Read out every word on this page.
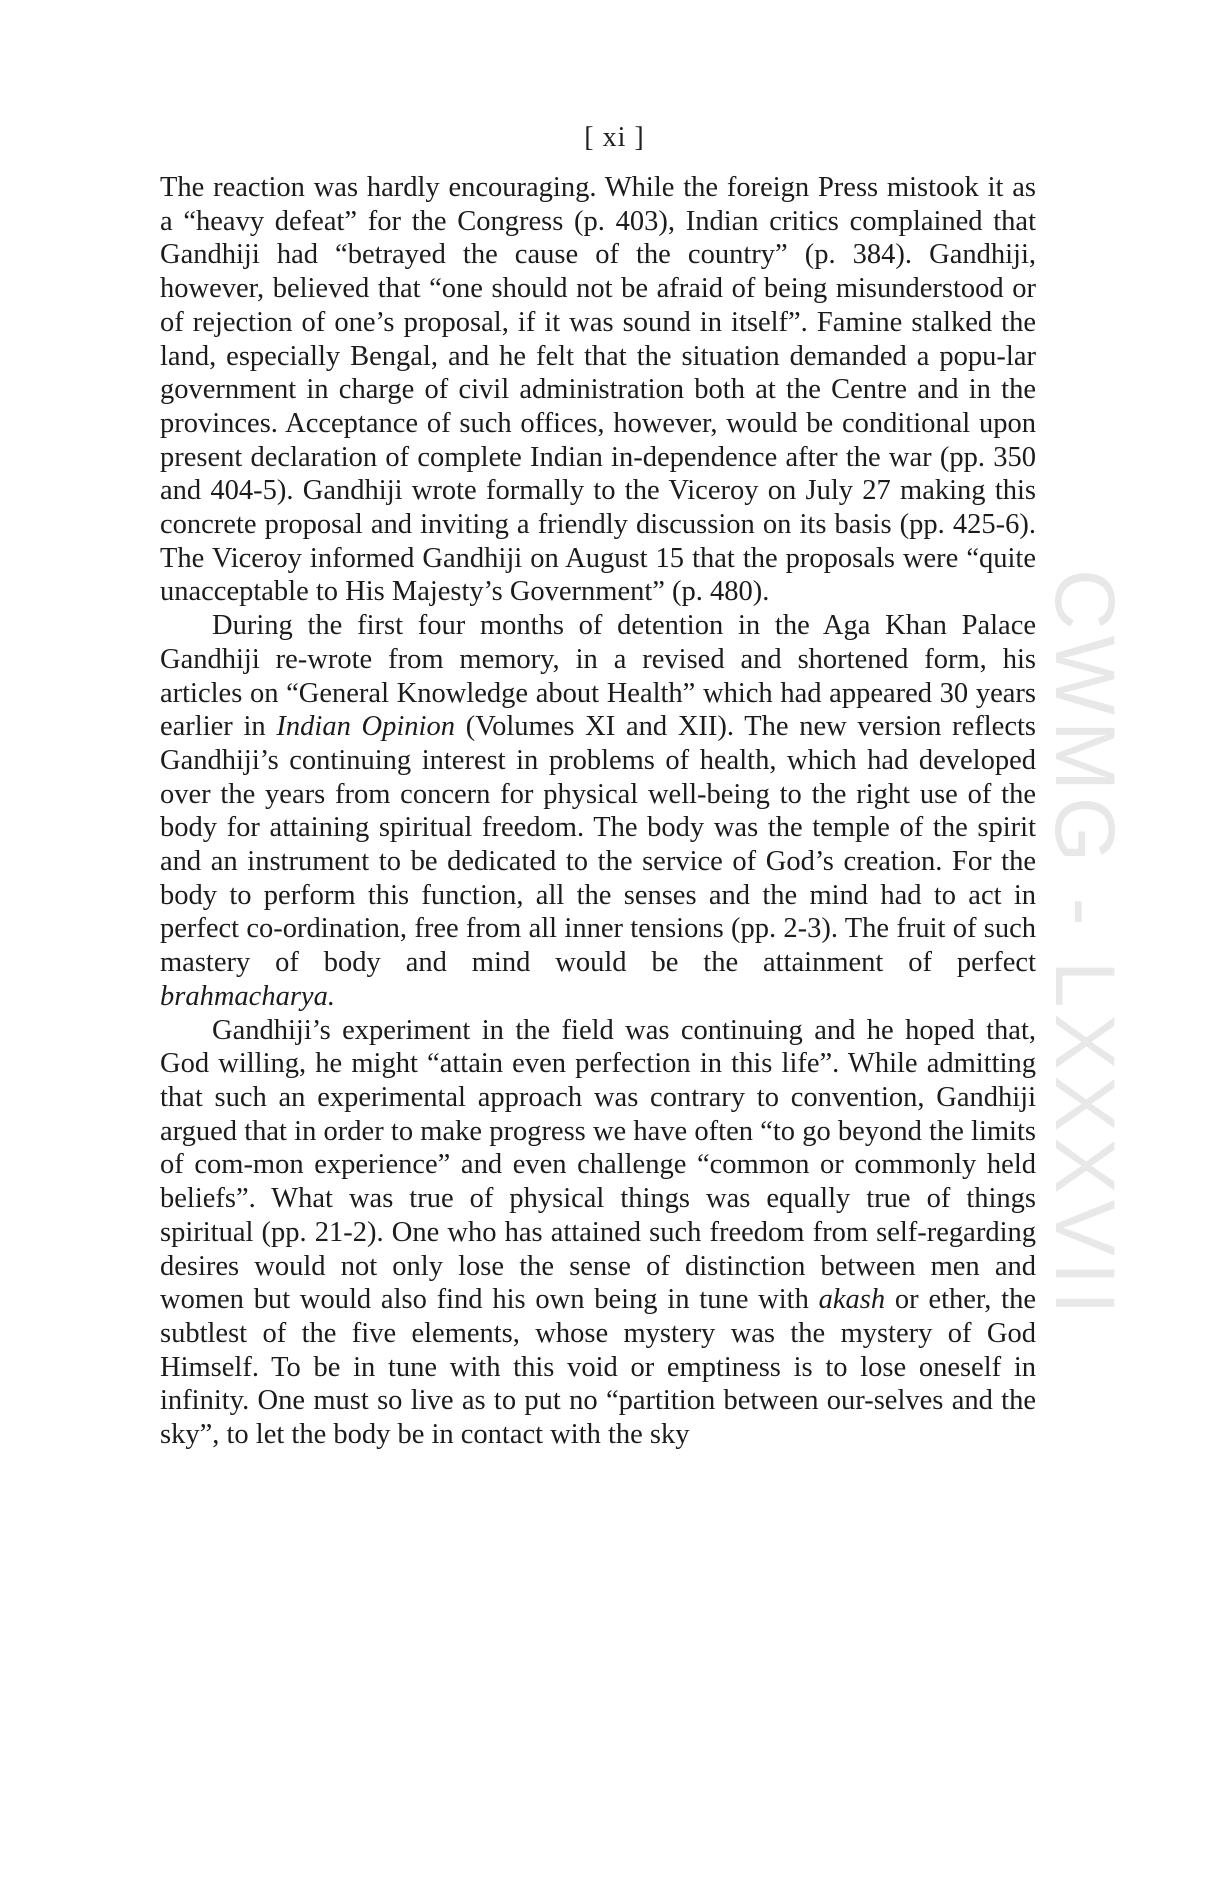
CWMG - LXXXVII
[ xi ]

The reaction was hardly encouraging. While the foreign Press mistook it as a “heavy defeat” for the Congress (p. 403), Indian critics complained that Gandhiji had “betrayed the cause of the country” (p. 384). Gandhiji, however, believed that “one should not be afraid of being misunderstood or of rejection of one’s proposal, if it was sound in itself”. Famine stalked the land, especially Bengal, and he felt that the situation demanded a popu-lar government in charge of civil administration both at the Centre and in the provinces. Acceptance of such offices, however, would be conditional upon present declaration of complete Indian in-dependence after the war (pp. 350 and 404-5). Gandhiji wrote formally to the Viceroy on July 27 making this concrete proposal and inviting a friendly discussion on its basis (pp. 425-6). The Viceroy informed Gandhiji on August 15 that the proposals were “quite unacceptable to His Majesty’s Government” (p. 480).

During the first four months of detention in the Aga Khan Palace Gandhiji re-wrote from memory, in a revised and shortened form, his articles on “General Knowledge about Health” which had appeared 30 years earlier in Indian Opinion (Volumes XI and XII). The new version reflects Gandhiji’s continuing interest in problems of health, which had developed over the years from concern for physical well-being to the right use of the body for attaining spiritual freedom. The body was the temple of the spirit and an instrument to be dedicated to the service of God’s creation. For the body to perform this function, all the senses and the mind had to act in perfect co-ordination, free from all inner tensions (pp. 2-3). The fruit of such mastery of body and mind would be the attainment of perfect brahmacharya.

Gandhiji’s experiment in the field was continuing and he hoped that, God willing, he might “attain even perfection in this life”. While admitting that such an experimental approach was contrary to convention, Gandhiji argued that in order to make progress we have often “to go beyond the limits of com-mon experience” and even challenge “common or commonly held beliefs”. What was true of physical things was equally true of things spiritual (pp. 21-2). One who has attained such freedom from self-regarding desires would not only lose the sense of distinction between men and women but would also find his own being in tune with akash or ether, the subtlest of the five elements, whose mystery was the mystery of God Himself. To be in tune with this void or emptiness is to lose oneself in infinity. One must so live as to put no “partition between our-selves and the sky”, to let the body be in contact with the sky
